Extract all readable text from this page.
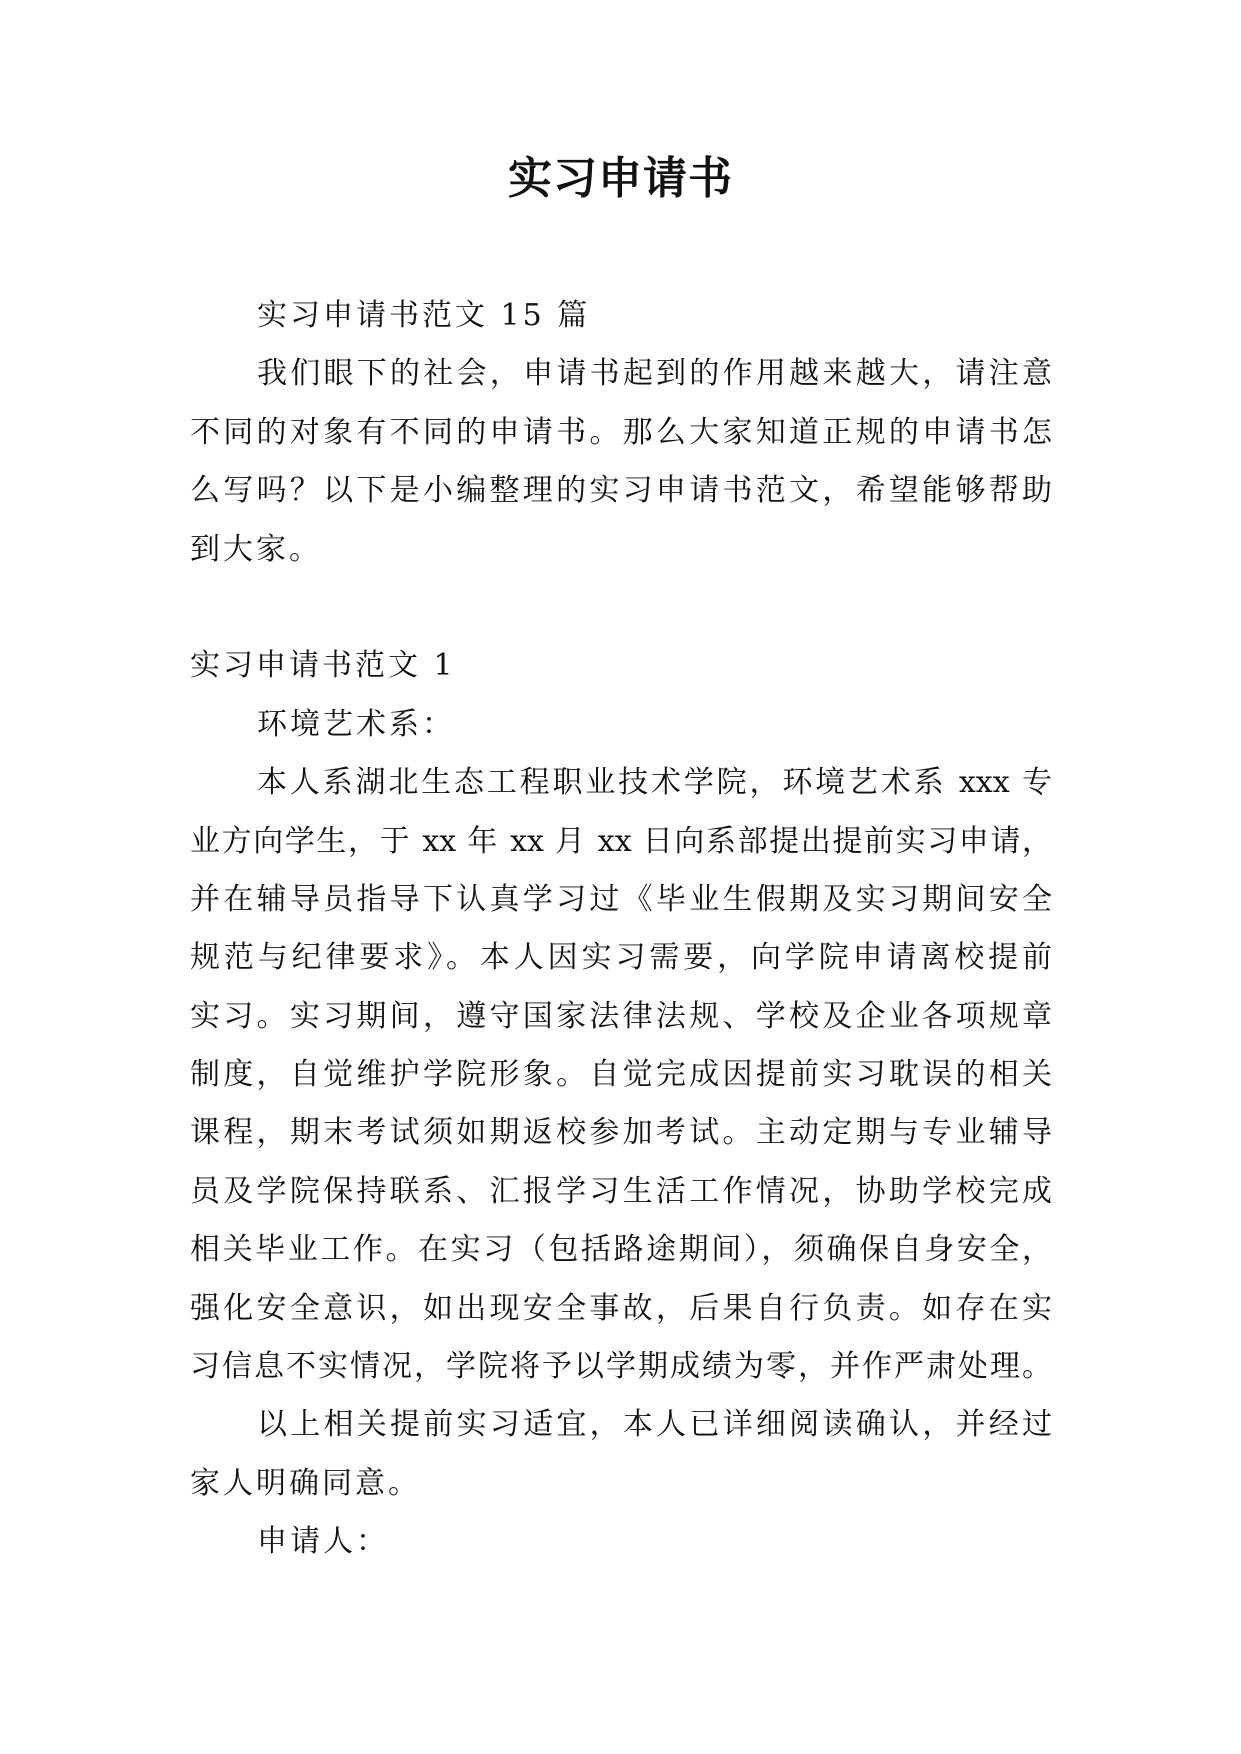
实习申请书
实习申请书范文 15 篇
我们眼下的社会，申请书起到的作用越来越大，请注意
不同的对象有不同的申请书。那么大家知道正规的申请书怎
么写吗？以下是小编整理的实习申请书范文，希望能够帮助
到大家。
实习申请书范文 1
环境艺术系：
本人系湖北生态工程职业技术学院，环境艺术系 xxx 专
业方向学生，于 xx 年 xx 月 xx 日向系部提出提前实习申请，
并在辅导员指导下认真学习过《毕业生假期及实习期间安全
规范与纪律要求》。本人因实习需要，向学院申请离校提前
实习。实习期间，遵守国家法律法规、学校及企业各项规章
制度，自觉维护学院形象。自觉完成因提前实习耽误的相关
课程，期末考试须如期返校参加考试。主动定期与专业辅导
员及学院保持联系、汇报学习生活工作情况，协助学校完成
相关毕业工作。在实习（包括路途期间），须确保自身安全，
强化安全意识，如出现安全事故，后果自行负责。如存在实
习信息不实情况，学院将予以学期成绩为零，并作严肃处理。
以上相关提前实习适宜，本人已详细阅读确认，并经过
家人明确同意。
申请人：
